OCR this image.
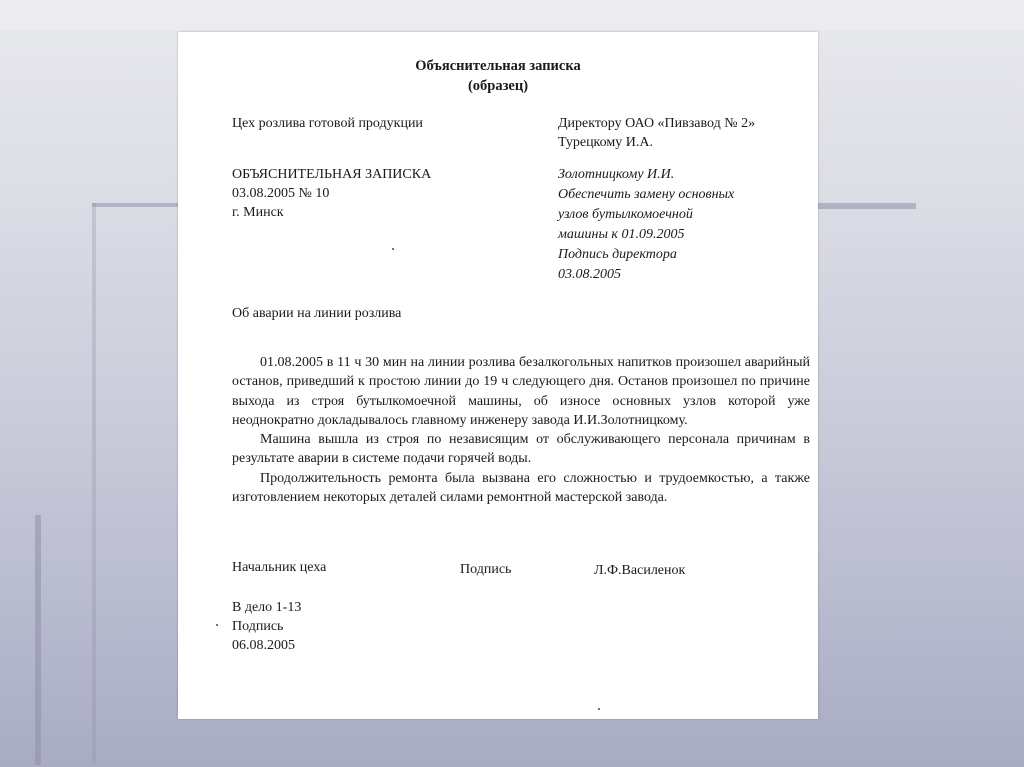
Объяснительная записка
(образец)
Цех розлива готовой продукции	Директору ОАО «Пивзавод № 2»
Турецкому И.А.
ОБЪЯСНИТЕЛЬНАЯ ЗАПИСКА
03.08.2005 № 10
г. Минск
Золотницкому И.И.
Обеспечить замену основных
узлов бутылкомоечной
машины к 01.09.2005
Подпись директора
03.08.2005
Об аварии на линии розлива

01.08.2005 в 11 ч 30 мин на линии розлива безалкогольных напитков произошел аварийный останов, приведший к простою линии до 19 ч следующего дня. Останов произошел по причине выхода из строя бутылкомоечной машины, об износе основных узлов которой уже неоднократно докладывалось главному инженеру завода И.И.Золотницкому.

Машина вышла из строя по независящим от обслуживающего персонала причинам в результате аварии в системе подачи горячей воды.

Продолжительность ремонта была вызвана его сложностью и трудоемкостью, а также изготовлением некоторых деталей силами ремонтной мастерской завода.

Начальник цеха	Подпись	Л.Ф.Василенок
В дело 1-13
Подпись
06.08.2005
